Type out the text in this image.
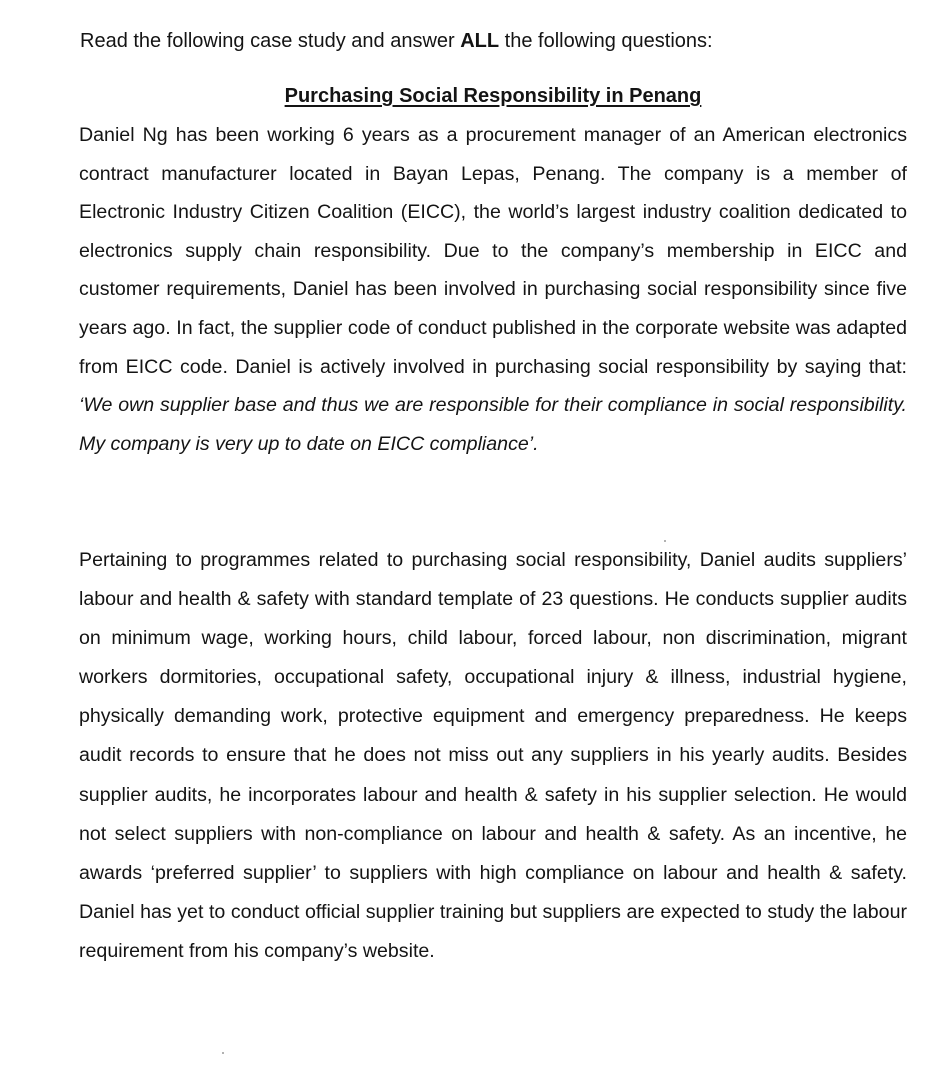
Read the following case study and answer ALL the following questions:
Purchasing Social Responsibility in Penang

Daniel Ng has been working 6 years as a procurement manager of an American electronics contract manufacturer located in Bayan Lepas, Penang. The company is a member of Electronic Industry Citizen Coalition (EICC), the world’s largest industry coalition dedicated to electronics supply chain responsibility. Due to the company’s membership in EICC and customer requirements, Daniel has been involved in purchasing social responsibility since five years ago. In fact, the supplier code of conduct published in the corporate website was adapted from EICC code. Daniel is actively involved in purchasing social responsibility by saying that: ‘We own supplier base and thus we are responsible for their compliance in social responsibility. My company is very up to date on EICC compliance’.

Pertaining to programmes related to purchasing social responsibility, Daniel audits suppliers’ labour and health & safety with standard template of 23 questions. He conducts supplier audits on minimum wage, working hours, child labour, forced labour, non discrimination, migrant workers dormitories, occupational safety, occupational injury & illness, industrial hygiene, physically demanding work, protective equipment and emergency preparedness. He keeps audit records to ensure that he does not miss out any suppliers in his yearly audits. Besides supplier audits, he incorporates labour and health & safety in his supplier selection. He would not select suppliers with non-compliance on labour and health & safety. As an incentive, he awards ‘preferred supplier’ to suppliers with high compliance on labour and health & safety. Daniel has yet to conduct official supplier training but suppliers are expected to study the labour requirement from his company’s website.
